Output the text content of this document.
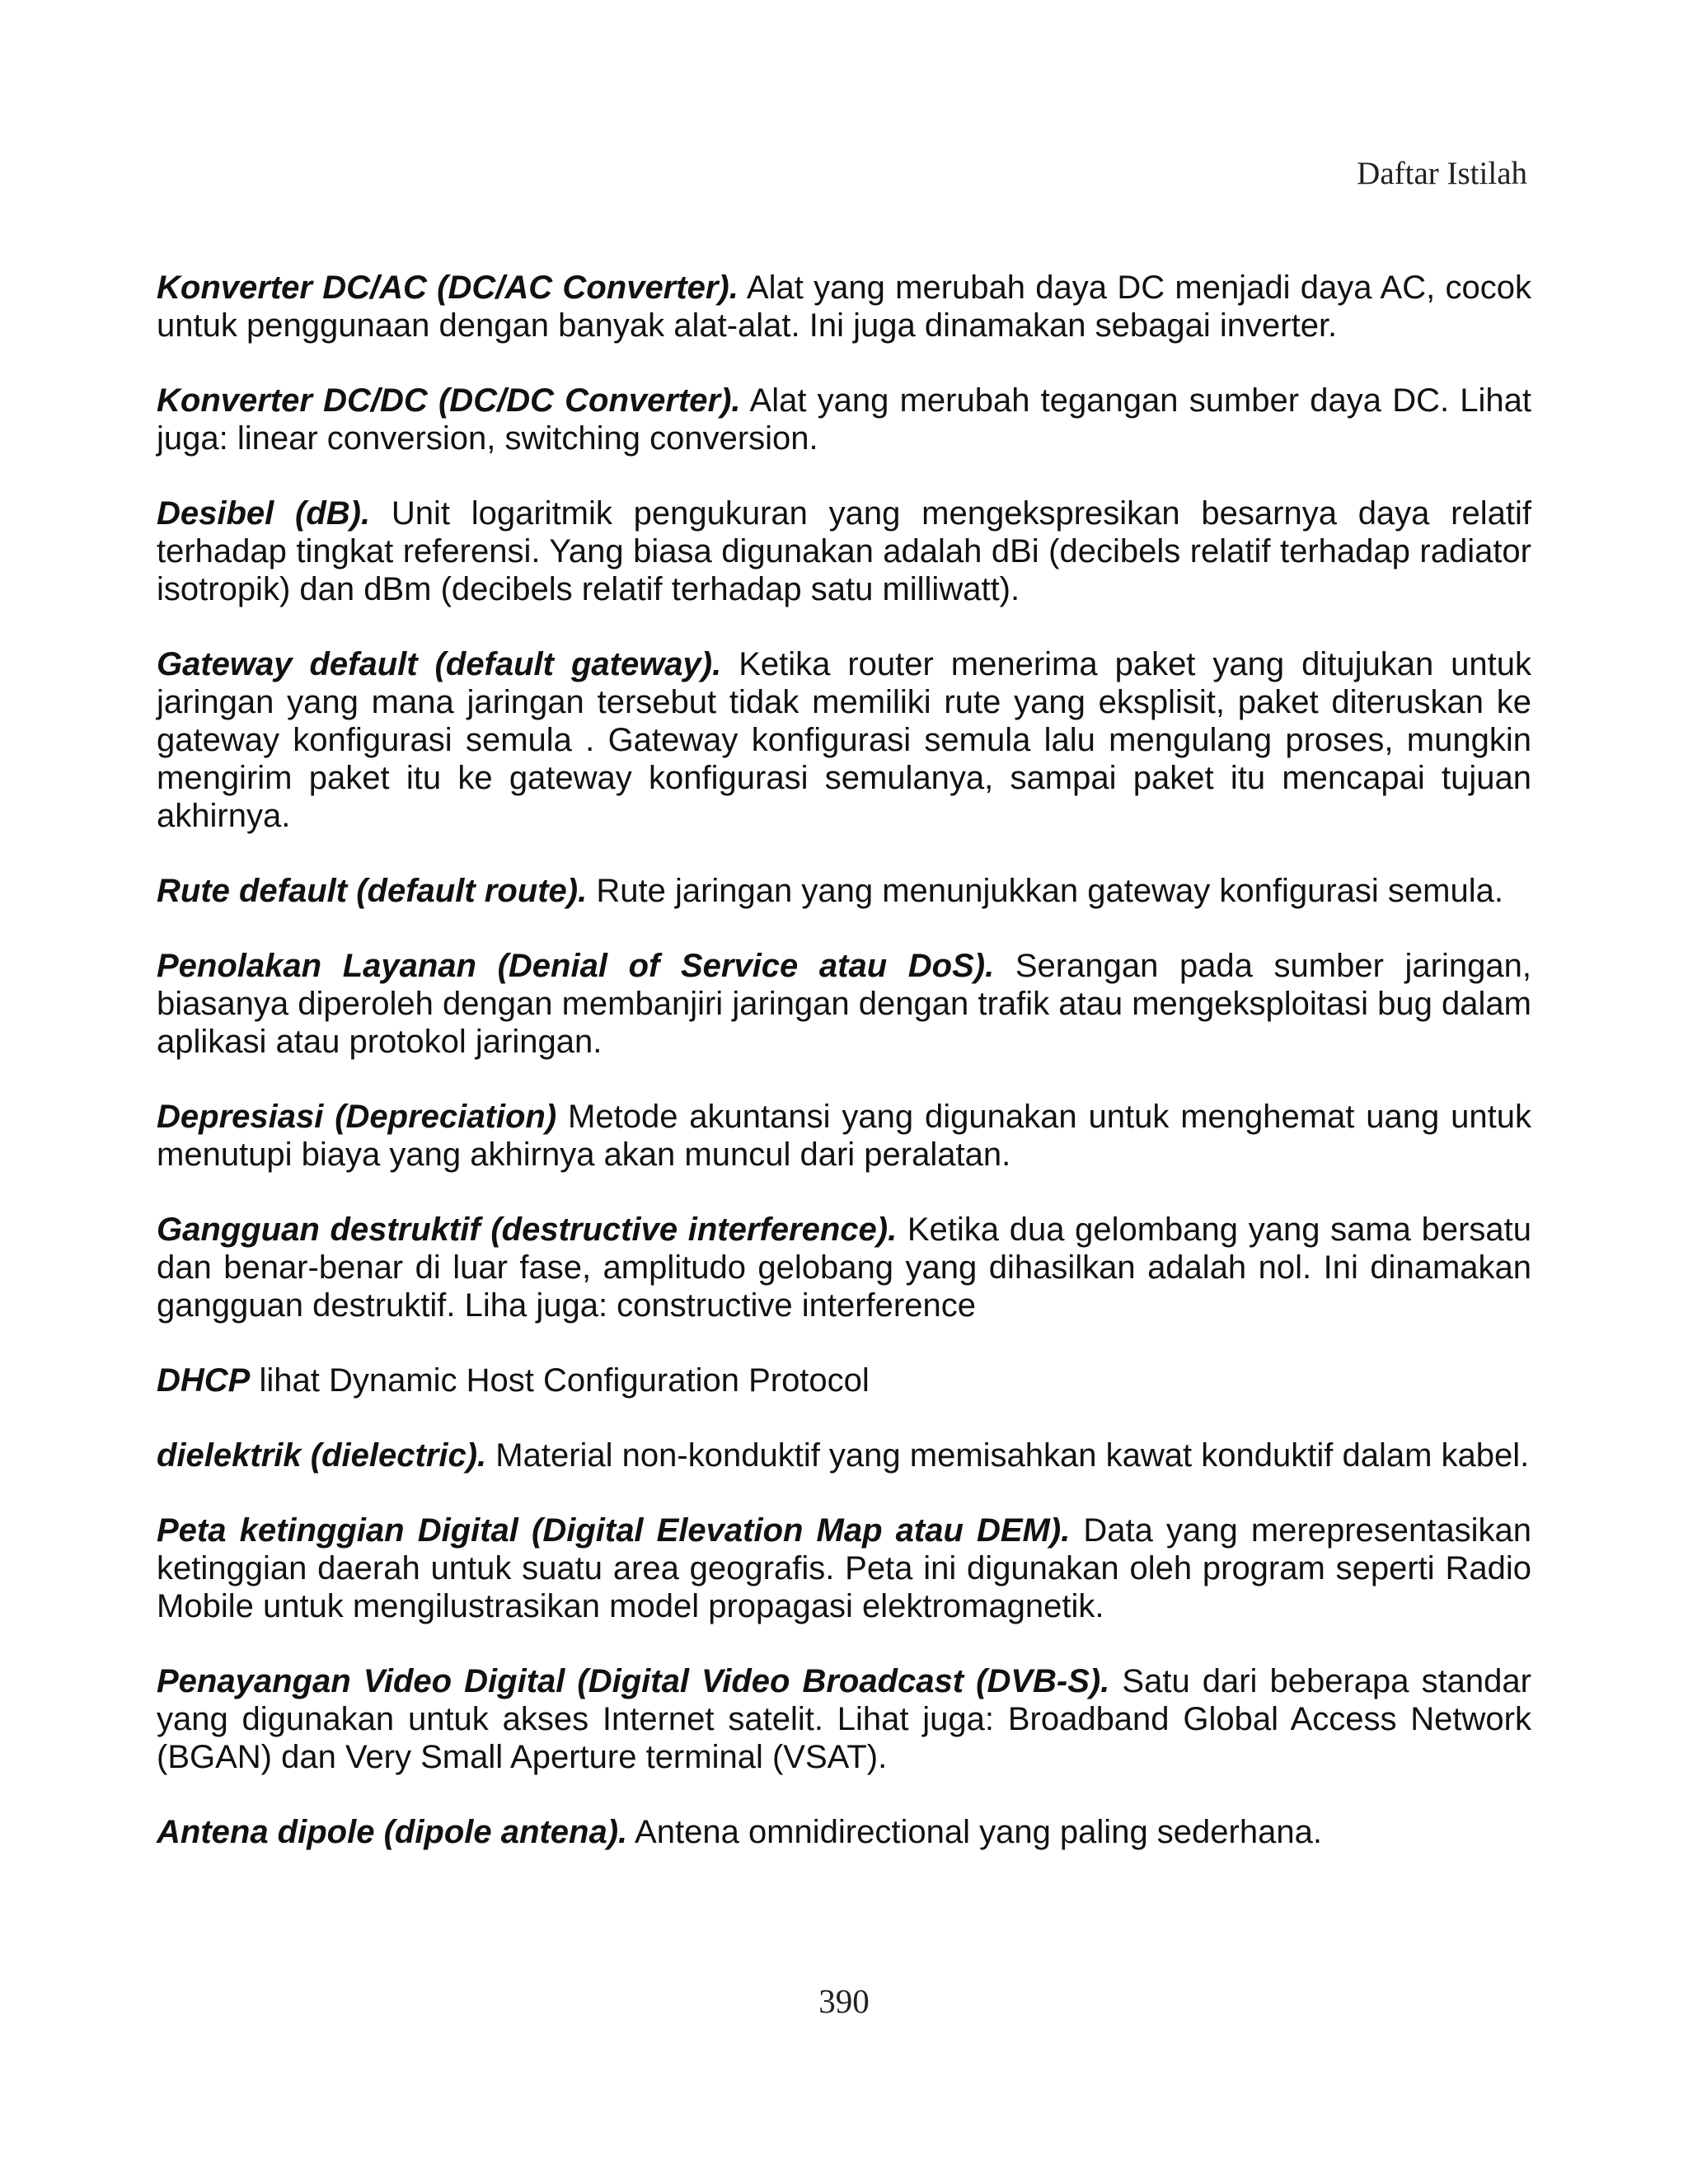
Daftar Istilah

Konverter DC/AC (DC/AC Converter). Alat yang merubah daya DC menjadi daya AC, cocok untuk penggunaan dengan banyak alat-alat. Ini juga dinamakan sebagai inverter.

Konverter DC/DC (DC/DC Converter). Alat yang merubah tegangan sumber daya DC. Lihat juga: linear conversion, switching conversion.

Desibel (dB). Unit logaritmik pengukuran yang mengekspresikan besarnya daya relatif terhadap tingkat referensi. Yang biasa digunakan adalah dBi (decibels relatif terhadap radiator isotropik) dan dBm (decibels relatif terhadap satu milliwatt).

Gateway default (default gateway). Ketika router menerima paket yang ditujukan untuk jaringan yang mana jaringan tersebut tidak memiliki rute yang eksplisit, paket diteruskan ke gateway konfigurasi semula . Gateway konfigurasi semula lalu mengulang proses, mungkin mengirim paket itu ke gateway konfigurasi semulanya, sampai paket itu mencapai tujuan akhirnya.

Rute default (default route). Rute jaringan yang menunjukkan gateway konfigurasi semula.

Penolakan Layanan (Denial of Service atau DoS). Serangan pada sumber jaringan, biasanya diperoleh dengan membanjiri jaringan dengan trafik atau mengeksploitasi bug dalam aplikasi atau protokol jaringan.

Depresiasi (Depreciation) Metode akuntansi yang digunakan untuk menghemat uang untuk menutupi biaya yang akhirnya akan muncul dari peralatan.

Gangguan destruktif (destructive interference). Ketika dua gelombang yang sama bersatu dan benar-benar di luar fase, amplitudo gelobang yang dihasilkan adalah nol. Ini dinamakan gangguan destruktif. Liha juga: constructive interference

DHCP lihat Dynamic Host Configuration Protocol

dielektrik (dielectric). Material non-konduktif yang memisahkan kawat konduktif dalam kabel.

Peta ketinggian Digital (Digital Elevation Map atau DEM). Data yang merepresentasikan ketinggian daerah untuk suatu area geografis. Peta ini digunakan oleh program seperti Radio Mobile untuk mengilustrasikan model propagasi elektromagnetik.

Penayangan Video Digital (Digital Video Broadcast (DVB-S). Satu dari beberapa standar yang digunakan untuk akses Internet satelit. Lihat juga: Broadband Global Access Network (BGAN) dan Very Small Aperture terminal (VSAT).

Antena dipole (dipole antena). Antena omnidirectional yang paling sederhana.

390
